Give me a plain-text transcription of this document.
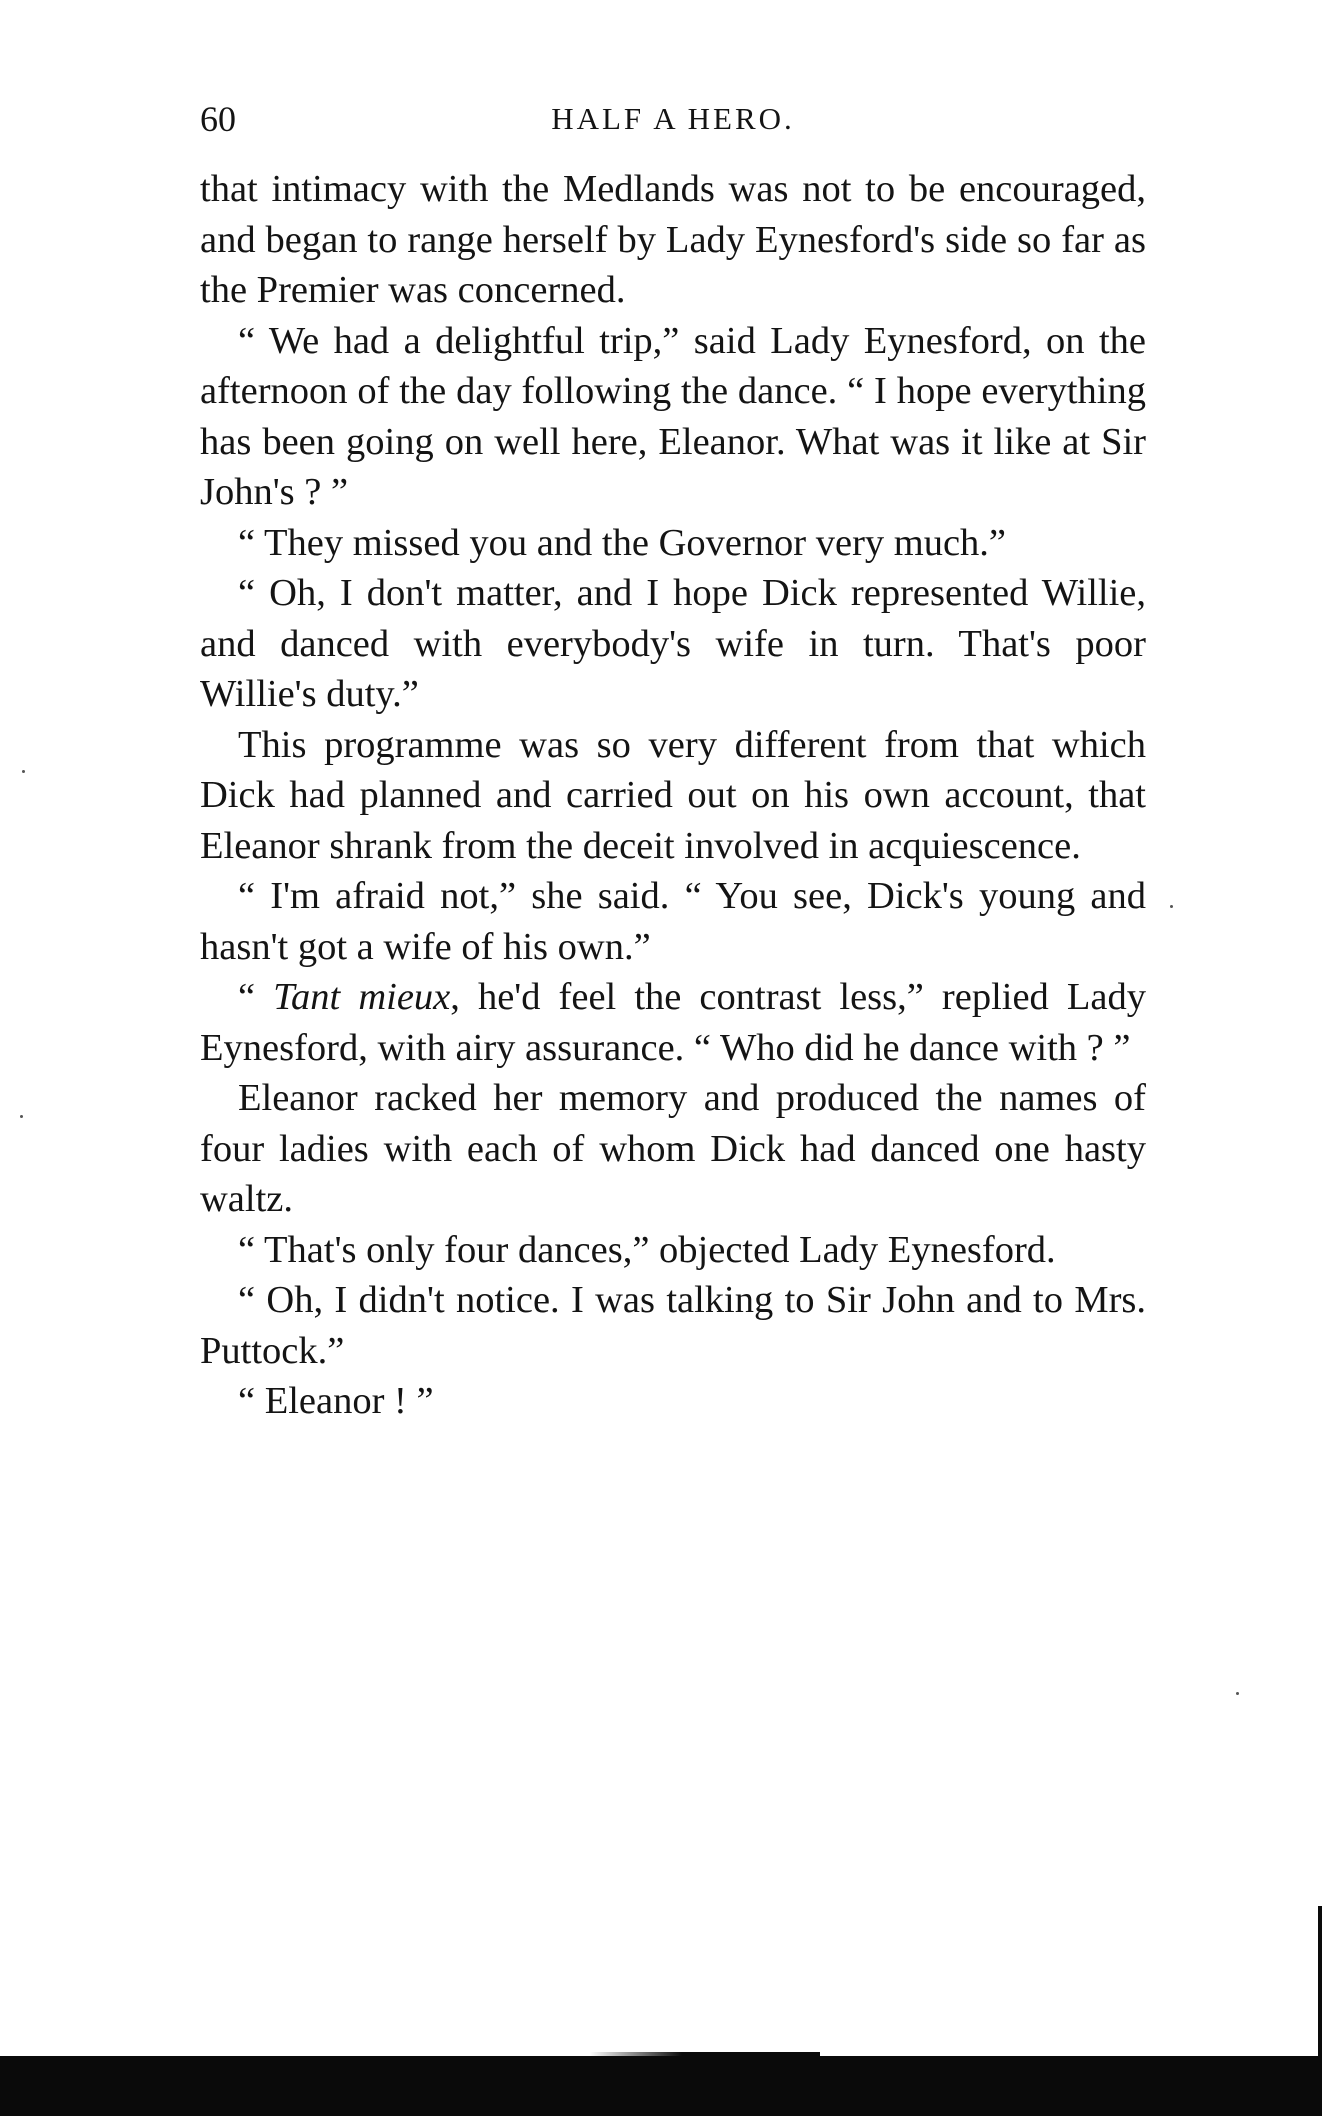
60	HALF A HERO.

that intimacy with the Medlands was not to be encouraged, and began to range herself by Lady Eynesford's side so far as the Premier was concerned.

“ We had a delightful trip,” said Lady Eynesford, on the afternoon of the day following the dance. “ I hope everything has been going on well here, Eleanor. What was it like at Sir John's ? ”

“ They missed you and the Governor very much.”

“ Oh, I don't matter, and I hope Dick represented Willie, and danced with everybody's wife in turn. That's poor Willie's duty.”

This programme was so very different from that which Dick had planned and carried out on his own account, that Eleanor shrank from the deceit involved in acquiescence.

“ I'm afraid not,” she said. “ You see, Dick's young and hasn't got a wife of his own.”

“ Tant mieux, he'd feel the contrast less,” replied Lady Eynesford, with airy assurance. “ Who did he dance with ? ”

Eleanor racked her memory and produced the names of four ladies with each of whom Dick had danced one hasty waltz.

“ That's only four dances,” objected Lady Eynesford.

“ Oh, I didn't notice. I was talking to Sir John and to Mrs. Puttock.”

“ Eleanor ! ”
